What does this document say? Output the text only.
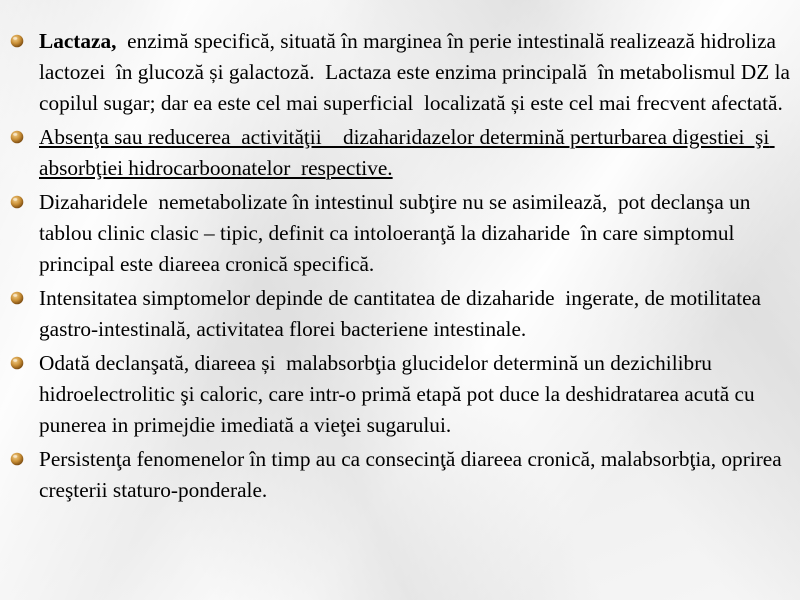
Lactaza,  enzimă specifică, situată în marginea în perie intestinală realizează hidroliza lactozei  în glucoză și galactoză.  Lactaza este enzima principală  în metabolismul DZ la copilul sugar; dar ea este cel mai superficial  localizată și este cel mai frecvent afectată.
Absenţa sau reducerea  activităţii    dizaharidazelor determină perturbarea digestiei  şi absorbţiei hidrocarboonatelor  respective.
Dizaharidele  nemetabolizate în intestinul subţire nu se asimilează,  pot declanşa un tablou clinic clasic – tipic, definit ca intoloeranţă la dizaharide  în care simptomul principal este diareea cronică specifică.
Intensitatea simptomelor depinde de cantitatea de dizaharide  ingerate, de motilitatea gastro-intestinală, activitatea florei bacteriene intestinale.
Odată declanşată, diareea și  malabsorbţia glucidelor determină un dezichilibru hidroelectrolitic şi caloric, care intr-o primă etapă pot duce la deshidratarea acută cu punerea in primejdie imediată a vieţei sugarului.
Persistenţa fenomenelor în timp au ca consecinţă diareea cronică, malabsorbţia, oprirea creşterii staturo-ponderale.
